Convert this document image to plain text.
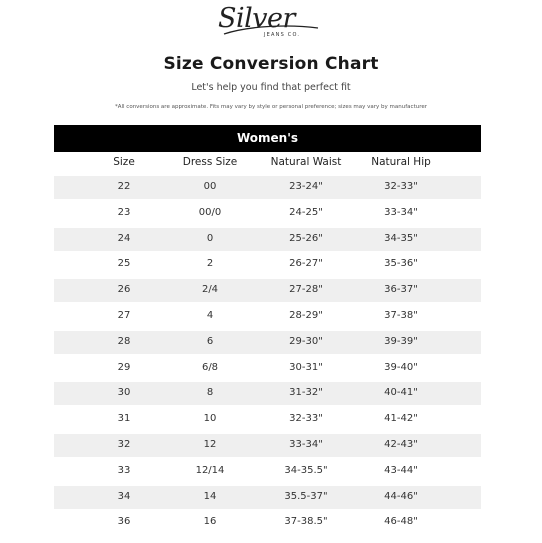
Silver
JEANS CO.
Size Conversion Chart
Let's help you find that perfect fit
*All conversions are approximate. Fits may vary by style or personal preference; sizes may vary by manufacturer
Women's
Size	Dress Size	Natural Waist	Natural Hip
22	00	23-24"	32-33"
23	00/0	24-25"	33-34"
24	0	25-26"	34-35"
25	2	26-27"	35-36"
26	2/4	27-28"	36-37"
27	4	28-29"	37-38"
28	6	29-30"	39-39"
29	6/8	30-31"	39-40"
30	8	31-32"	40-41"
31	10	32-33"	41-42"
32	12	33-34"	42-43"
33	12/14	34-35.5"	43-44"
34	14	35.5-37"	44-46"
36	16	37-38.5"	46-48"
